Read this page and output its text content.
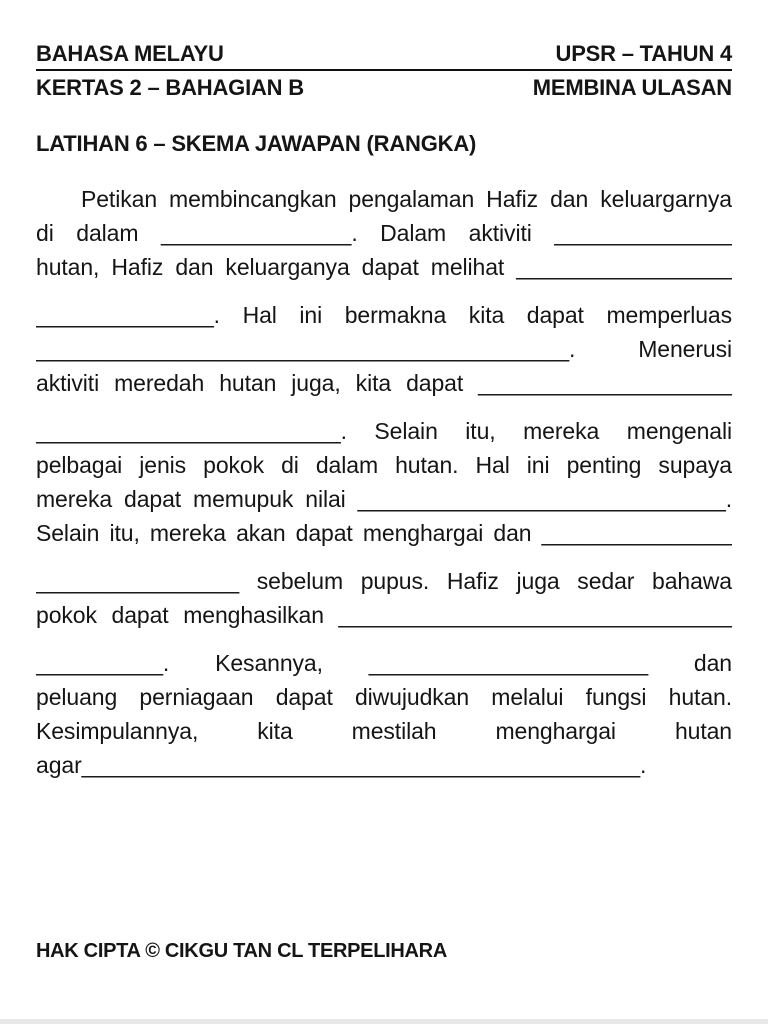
BAHASA MELAYU	UPSR – TAHUN 4
KERTAS 2 – BAHAGIAN B	MEMBINA ULASAN
LATIHAN 6 – SKEMA JAWAPAN (RANGKA)
Petikan membincangkan pengalaman Hafiz dan keluargarnya
di dalam _______________. Dalam aktiviti ______________
hutan, Hafiz dan keluarganya dapat melihat _________________
______________. Hal ini bermakna kita dapat memperluas
__________________________________________. Menerusi
aktiviti meredah hutan juga, kita dapat ____________________
________________________. Selain itu, mereka mengenali
pelbagai jenis pokok di dalam hutan. Hal ini penting supaya
mereka dapat memupuk nilai _____________________________.
Selain itu, mereka akan dapat menghargai dan _______________
________________ sebelum pupus. Hafiz juga sedar bahawa
pokok dapat menghasilkan _______________________________
__________. Kesannya, ______________________ dan
peluang perniagaan dapat diwujudkan melalui fungsi hutan.
Kesimpulannya, kita mestilah menghargai hutan
agar____________________________________________.
HAK CIPTA © CIKGU TAN CL TERPELIHARA
